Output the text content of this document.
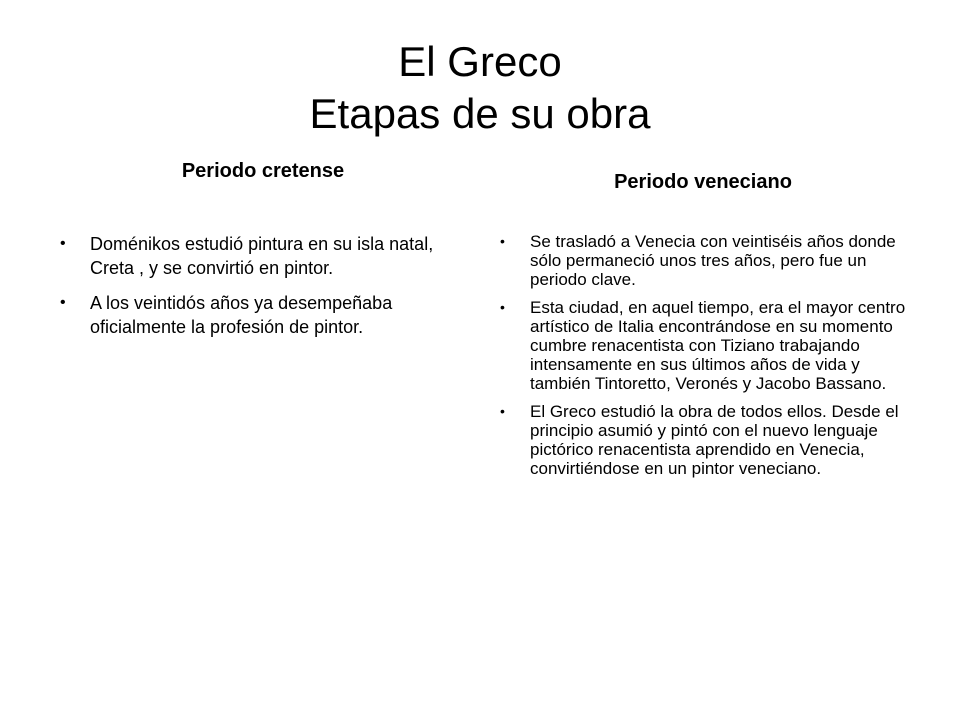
El Greco
Etapas de su obra
Periodo cretense
• Doménikos estudió pintura en su isla natal, Creta , y se convirtió en pintor.
• A los veintidós años ya desempeñaba oficialmente la profesión de pintor.
Periodo veneciano
• Se trasladó a Venecia con veintiséis años donde sólo permaneció unos tres años, pero fue un periodo clave.
• Esta ciudad, en aquel tiempo, era el mayor centro artístico de Italia encontrándose en su momento cumbre renacentista con Tiziano trabajando intensamente en sus últimos años de vida y también Tintoretto, Veronés y Jacobo Bassano.
• El Greco estudió la obra de todos ellos. Desde el principio asumió y pintó con el nuevo lenguaje pictórico renacentista aprendido en Venecia, convirtiéndose en un pintor veneciano.
